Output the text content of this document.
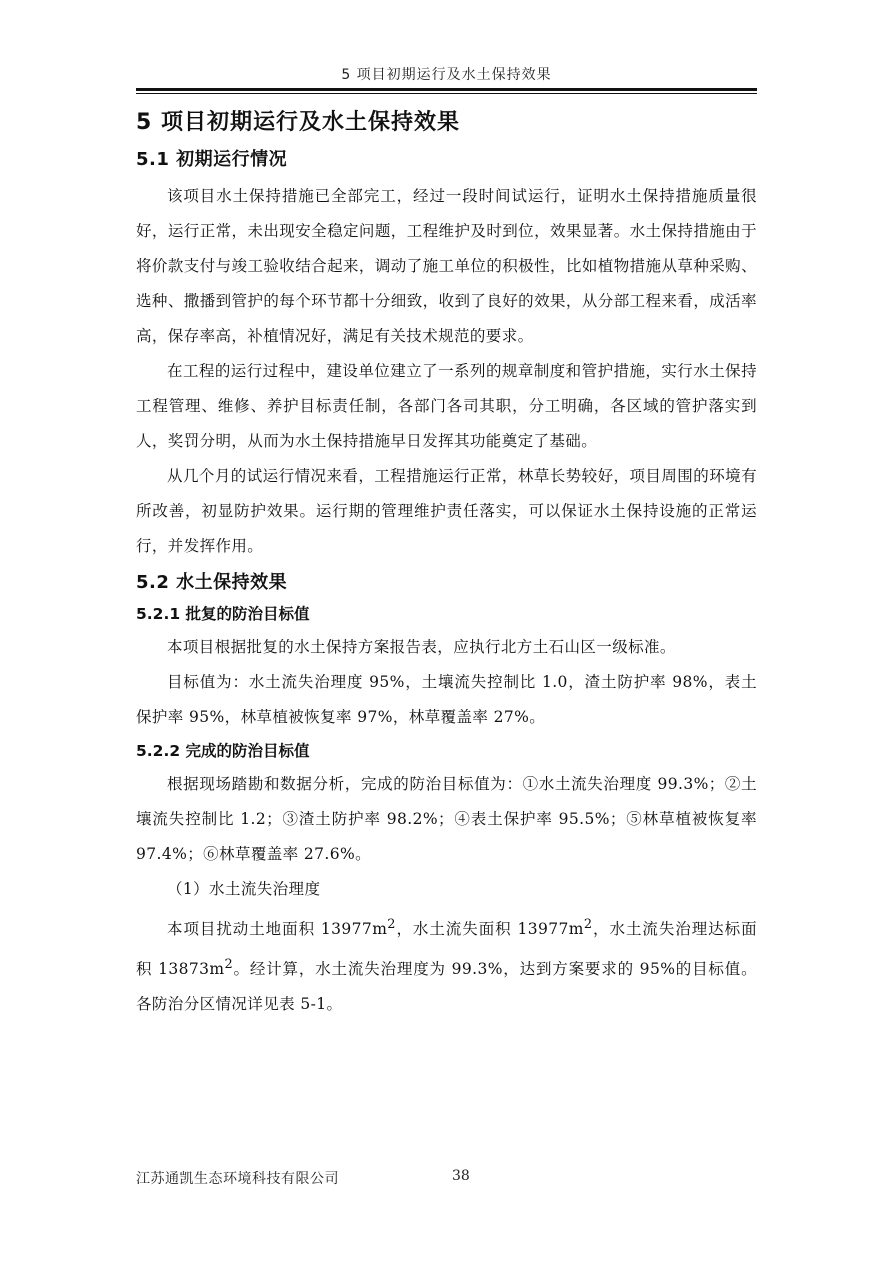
5 项目初期运行及水土保持效果
5 项目初期运行及水土保持效果
5.1 初期运行情况

该项目水土保持措施已全部完工，经过一段时间试运行，证明水土保持措施质量很好，运行正常，未出现安全稳定问题，工程维护及时到位，效果显著。水土保持措施由于将价款支付与竣工验收结合起来，调动了施工单位的积极性，比如植物措施从草种采购、选种、撒播到管护的每个环节都十分细致，收到了良好的效果，从分部工程来看，成活率高，保存率高，补植情况好，满足有关技术规范的要求。

在工程的运行过程中，建设单位建立了一系列的规章制度和管护措施，实行水土保持工程管理、维修、养护目标责任制，各部门各司其职，分工明确，各区域的管护落实到人，奖罚分明，从而为水土保持措施早日发挥其功能奠定了基础。

从几个月的试运行情况来看，工程措施运行正常，林草长势较好，项目周围的环境有所改善，初显防护效果。运行期的管理维护责任落实，可以保证水土保持设施的正常运行，并发挥作用。

5.2 水土保持效果
5.2.1 批复的防治目标值

本项目根据批复的水土保持方案报告表，应执行北方土石山区一级标准。

目标值为：水土流失治理度 95%，土壤流失控制比 1.0，渣土防护率 98%，表土保护率 95%，林草植被恢复率 97%，林草覆盖率 27%。

5.2.2 完成的防治目标值

根据现场踏勘和数据分析，完成的防治目标值为：①水土流失治理度 99.3%；②土壤流失控制比 1.2；③渣土防护率 98.2%；④表土保护率 95.5%；⑤林草植被恢复率 97.4%；⑥林草覆盖率 27.6%。

（1）水土流失治理度

本项目扰动土地面积 $13977m^2$，水土流失面积 $13977m^2$，水土流失治理达标面积 $13873m^2$。经计算，水土流失治理度为 99.3%，达到方案要求的 95%的目标值。各防治分区情况详见表 5-1。

江苏通凯生态环境科技有限公司	38
